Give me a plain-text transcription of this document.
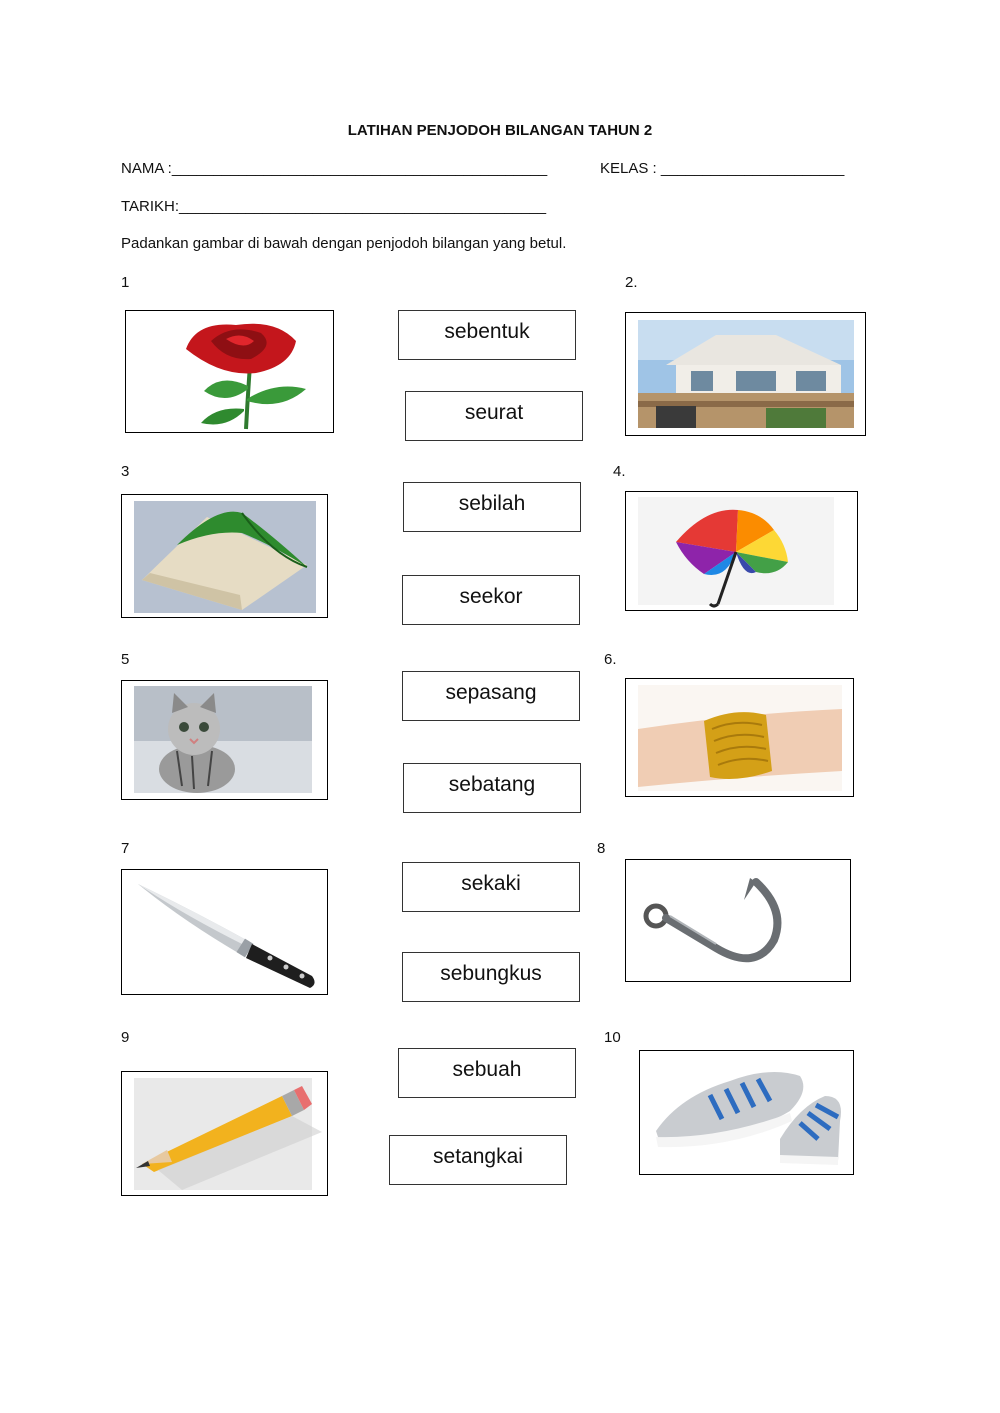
LATIHAN PENJODOH BILANGAN TAHUN 2
NAMA :_____________________________________________	KELAS : ______________________
TARIKH:____________________________________________
Padankan gambar di bawah dengan penjodoh bilangan yang betul.
1	2.
3	4.
5	6.
7	8
9	10
sebentuk
seurat
sebilah
seekor
sepasang
sebatang
sekaki
sebungkus
sebuah
setangkai
